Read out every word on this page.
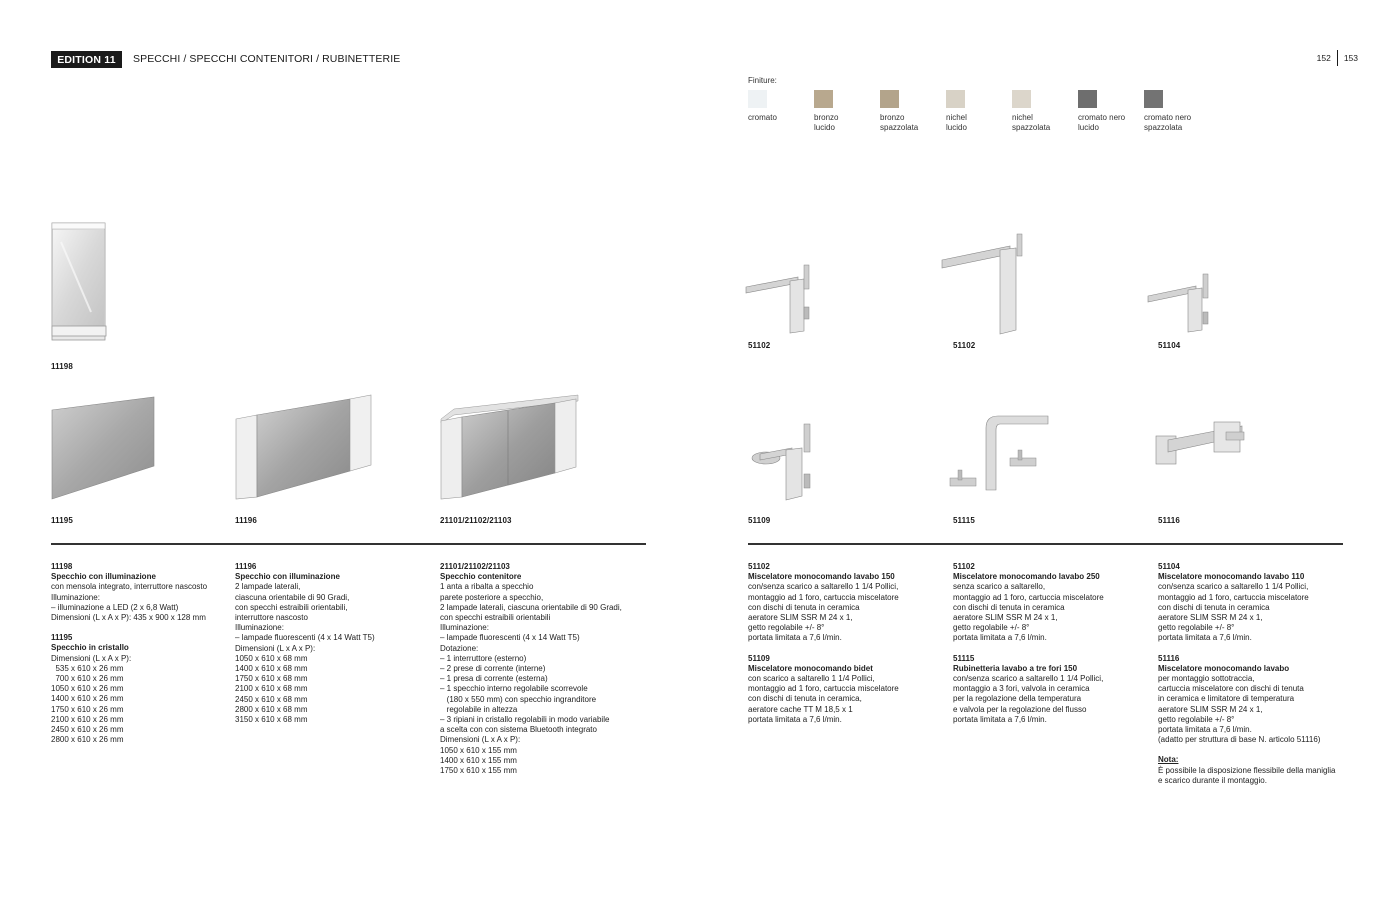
EDITION 11	SPECCHI / SPECCHI CONTENITORI / RUBINETTERIE	152	153
Finiture:
cromato	bronzo
lucido
bronzo
spazzolata
nichel
lucido
nichel
spazzolata
cromato nero
lucido
cromato nero
spazzolata
11198
11195	11196	21101/21102/21103
51102	51102	51104
51109	51115	51116
11198
Specchio con illuminazione
con mensola integrato, interruttore nascosto
Illuminazione:
– illuminazione a LED (2 x 6,8 Watt)
Dimensioni (L x A x P): 435 x 900 x 128 mm
11195
Specchio in cristallo
Dimensioni (L x A x P):
535 x 610 x 26 mm
700 x 610 x 26 mm
1050 x 610 x 26 mm
1400 x 610 x 26 mm
1750 x 610 x 26 mm
2100 x 610 x 26 mm
2450 x 610 x 26 mm
2800 x 610 x 26 mm
11196
Specchio con illuminazione
2 lampade laterali,
ciascuna orientabile di 90 Gradi,
con specchi estraibili orientabili,
interruttore nascosto
Illuminazione:
– lampade fluorescenti (4 x 14 Watt T5)
Dimensioni (L x A x P):
1050 x 610 x 68 mm
1400 x 610 x 68 mm
1750 x 610 x 68 mm
2100 x 610 x 68 mm
2450 x 610 x 68 mm
2800 x 610 x 68 mm
3150 x 610 x 68 mm
21101/21102/21103
Specchio contenitore
1 anta a ribalta a specchio
parete posteriore a specchio,
2 lampade laterali, ciascuna orientabile di 90 Gradi,
con specchi estraibili orientabili
Illuminazione:
– lampade fluorescenti (4 x 14 Watt T5)
Dotazione:
– 1 interruttore (esterno)
– 2 prese di corrente (interne)
– 1 presa di corrente (esterna)
– 1 specchio interno regolabile scorrevole
(180 x 550 mm) con specchio ingranditore
regolabile in altezza
– 3 ripiani in cristallo regolabili in modo variabile
a scelta con con sistema Bluetooth integrato
Dimensioni (L x A x P):
1050 x 610 x 155 mm
1400 x 610 x 155 mm
1750 x 610 x 155 mm
51102
Miscelatore monocomando lavabo 150
con/senza scarico a saltarello 1 1/4 Pollici,
montaggio ad 1 foro, cartuccia miscelatore
con dischi di tenuta in ceramica
aeratore SLIM SSR M 24 x 1,
getto regolabile +/- 8°
portata limitata a 7,6 l/min.
51109
Miscelatore monocomando bidet
con scarico a saltarello 1 1/4 Pollici,
montaggio ad 1 foro, cartuccia miscelatore
con dischi di tenuta in ceramica,
aeratore cache TT M 18,5 x 1
portata limitata a 7,6 l/min.
51102
Miscelatore monocomando lavabo 250
senza scarico a saltarello,
montaggio ad 1 foro, cartuccia miscelatore
con dischi di tenuta in ceramica
aeratore SLIM SSR M 24 x 1,
getto regolabile +/- 8°
portata limitata a 7,6 l/min.
51115
Rubinetteria lavabo a tre fori 150
con/senza scarico a saltarello 1 1/4 Pollici,
montaggio a 3 fori, valvola in ceramica
per la regolazione della temperatura
e valvola per la regolazione del flusso
portata limitata a 7,6 l/min.
51104
Miscelatore monocomando lavabo 110
con/senza scarico a saltarello 1 1/4 Pollici,
montaggio ad 1 foro, cartuccia miscelatore
con dischi di tenuta in ceramica
aeratore SLIM SSR M 24 x 1,
getto regolabile +/- 8°
portata limitata a 7,6 l/min.
51116
Miscelatore monocomando lavabo
per montaggio sottotraccia,
cartuccia miscelatore con dischi di tenuta
in ceramica e limitatore di temperatura
aeratore SLIM SSR M 24 x 1,
getto regolabile +/- 8°
portata limitata a 7,6 l/min.
(adatto per struttura di base N. articolo 51116)
Nota:
È possibile la disposizione flessibile della maniglia
e scarico durante il montaggio.
